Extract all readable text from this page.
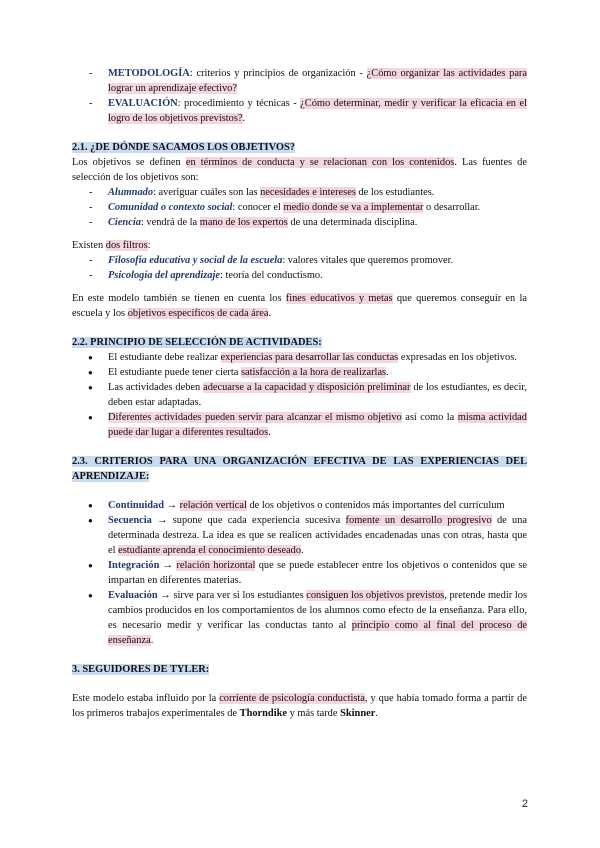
- METODOLOGÍA: criterios y principios de organización - ¿Cómo organizar las actividades para lograr un aprendizaje efectivo?
- EVALUACIÓN: procedimiento y técnicas - ¿Cómo determinar, medir y verificar la eficacia en el logro de los objetivos previstos?.

2.1. ¿DE DÓNDE SACAMOS LOS OBJETIVOS?

Los objetivos se definen en términos de conducta y se relacionan con los contenidos. Las fuentes de selección de los objetivos son:

- Alumnado: averiguar cuáles son las necesidades e intereses de los estudiantes.
- Comunidad o contexto social: conocer el medio donde se va a implementar o desarrollar.
- Ciencia: vendrá de la mano de los expertos de una determinada disciplina.

Existen dos filtros:

- Filosofía educativa y social de la escuela: valores vitales que queremos promover.
- Psicología del aprendizaje: teoría del conductismo.

En este modelo también se tienen en cuenta los fines educativos y metas que queremos conseguir en la escuela y los objetivos específicos de cada área.

2.2. PRINCIPIO DE SELECCIÓN DE ACTIVIDADES:

● El estudiante debe realizar experiencias para desarrollar las conductas expresadas en los objetivos.
● El estudiante puede tener cierta satisfacción a la hora de realizarlas.
● Las actividades deben adecuarse a la capacidad y disposición preliminar de los estudiantes, es decir, deben estar adaptadas.
● Diferentes actividades pueden servir para alcanzar el mismo objetivo así como la misma actividad puede dar lugar a diferentes resultados.

2.3. CRITERIOS PARA UNA ORGANIZACIÓN EFECTIVA DE LAS EXPERIENCIAS DEL APRENDIZAJE:

● Continuidad → relación vertical de los objetivos o contenidos más importantes del currículum
● Secuencia → supone que cada experiencia sucesiva fomente un desarrollo progresivo de una determinada destreza. La idea es que se realicen actividades encadenadas unas con otras, hasta que el estudiante aprenda el conocimiento deseado.
● Integración → relación horizontal que se puede establecer entre los objetivos o contenidos que se impartan en diferentes materias.
● Evaluación → sirve para ver si los estudiantes consiguen los objetivos previstos, pretende medir los cambios producidos en los comportamientos de los alumnos como efecto de la enseñanza. Para ello, es necesario medir y verificar las conductas tanto al principio como al final del proceso de enseñanza.

3. SEGUIDORES DE TYLER:

Este modelo estaba influido por la corriente de psicología conductista, y que había tomado forma a partir de los primeros trabajos experimentales de Thorndike y más tarde Skinner.

2
